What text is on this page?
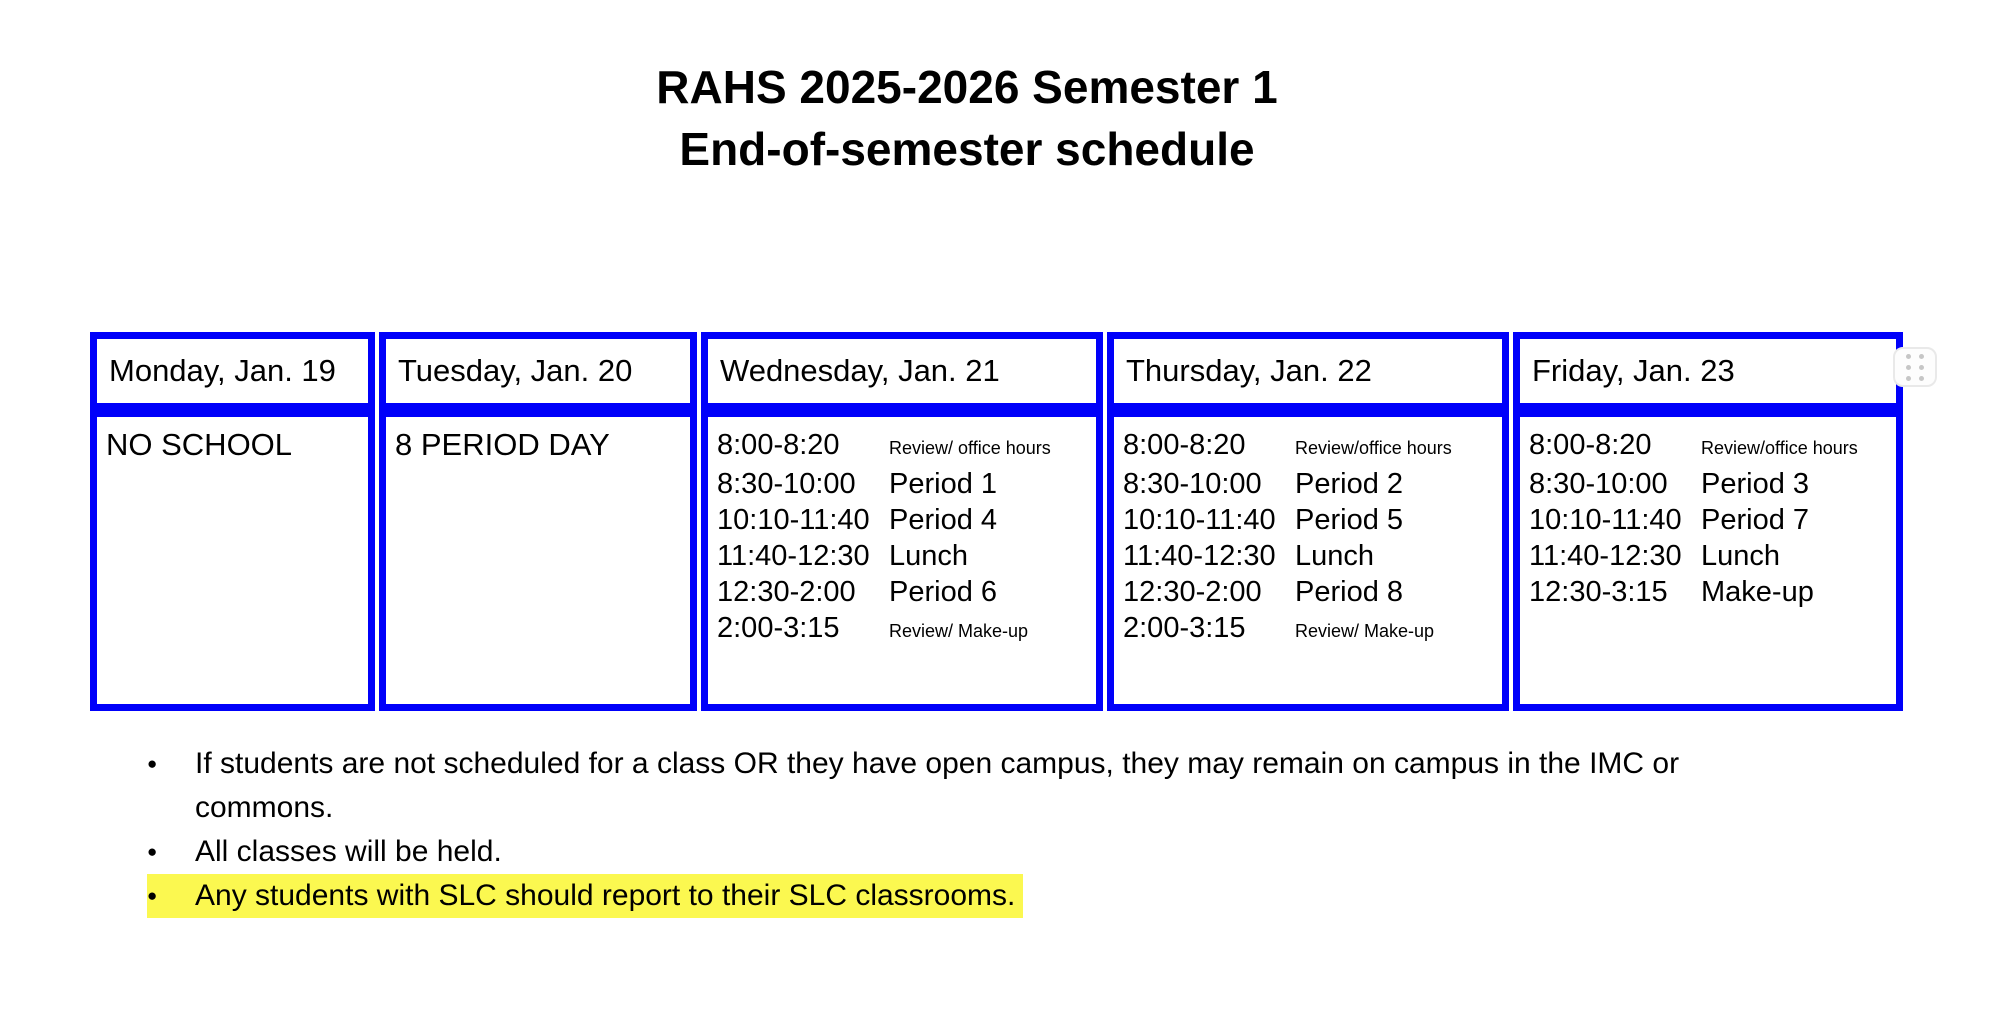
RAHS 2025-2026 Semester 1
End-of-semester schedule
Monday, Jan. 19
NO SCHOOL
Tuesday, Jan. 20
8 PERIOD DAY
Wednesday, Jan. 21
8:00-8:20	Review/ office hours
8:30-10:00	Period 1
10:10-11:40 Period 4
11:40-12:30 Lunch
12:30-2:00	Period 6
2:00-3:15	Review/ Make-up
Thursday, Jan. 22
8:00-8:20	Review/office hours
8:30-10:00	Period 2
10:10-11:40 Period 5
11:40-12:30 Lunch
12:30-2:00	Period 8
2:00-3:15	Review/ Make-up
Friday, Jan. 23
8:00-8:20	Review/office hours
8:30-10:00	Period 3
10:10-11:40 Period 7
11:40-12:30 Lunch
12:30-3:15	Make-up
●	If students are not scheduled for a class OR they have open campus, they may remain on campus in the IMC or commons.
●	All classes will be held.
●	Any students with SLC should report to their SLC classrooms.
